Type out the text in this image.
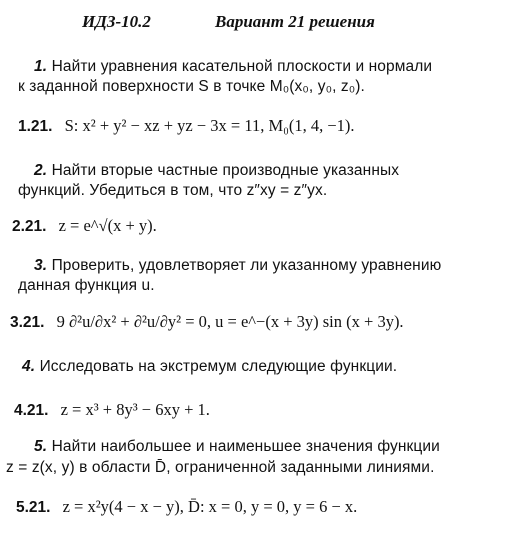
ИДЗ-10.2	Вариант 21 решения
1. Найти уравнения касательной плоскости и нормали
к заданной поверхности S в точке M₀(x₀, y₀, z₀).
1.21. S: x² + y² − xz + yz − 3x = 11, M₀(1, 4, −1).
2. Найти вторые частные производные указанных
функций. Убедиться в том, что z″xy = z″yx.
2.21. z = e^√(x + y).
3. Проверить, удовлетворяет ли указанному уравнению
данная функция u.
3.21. 9 ∂²u/∂x² + ∂²u/∂y² = 0, u = e^−(x + 3y) sin (x + 3y).
4. Исследовать на экстремум следующие функции.
4.21. z = x³ + 8y³ − 6xy + 1.
5. Найти наибольшее и наименьшее значения функции
z = z(x, y) в области D̄, ограниченной заданными линиями.
5.21. z = x²y(4 − x − y), D̄: x = 0, y = 0, y = 6 − x.
